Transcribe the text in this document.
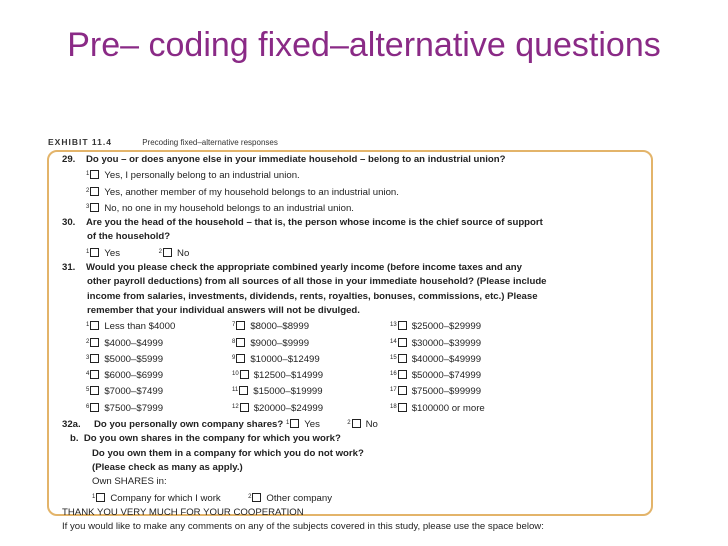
Pre– coding fixed–alternative questions
EXHIBIT 11.4	Precoding fixed–alternative responses
29. Do you – or does anyone else in your immediate household – belong to an industrial union?
$^1$ Yes, I personally belong to an industrial union.
$^2$ Yes, another member of my household belongs to an industrial union.
$^3$ No, no one in my household belongs to an industrial union.
30. Are you the head of the household – that is, the person whose income is the chief source of support
of the household?
$^1$ Yes	$^2$ No
31. Would you please check the appropriate combined yearly income (before income taxes and any
other payroll deductions) from all sources of all those in your immediate household? (Please include
income from salaries, investments, dividends, rents, royalties, bonuses, commissions, etc.) Please
remember that your individual answers will not be divulged.
$^1$ Less than $4000	$^7$ $8000–$8999	$^{13}$ $25000–$29999
$^2$ $4000–$4999	$^8$ $9000–$9999	$^{14}$ $30000–$39999
$^3$ $5000–$5999	$^9$ $10000–$12499	$^{15}$ $40000–$49999
$^4$ $6000–$6999	$^{10}$ $12500–$14999	$^{16}$ $50000–$74999
$^5$ $7000–$7499	$^{11}$ $15000–$19999	$^{17}$ $75000–$99999
$^6$ $7500–$7999	$^{12}$ $20000–$24999	$^{18}$ $100000 or more
32a. Do you personally own company shares? $^1$ Yes	$^2$ No
b. Do you own shares in the company for which you work?
Do you own them in a company for which you do not work?
(Please check as many as apply.)
Own SHARES in:
$^1$ Company for which I work	$^2$ Other company
THANK YOU VERY MUCH FOR YOUR COOPERATION
If you would like to make any comments on any of the subjects covered in this study, please use the space below:
